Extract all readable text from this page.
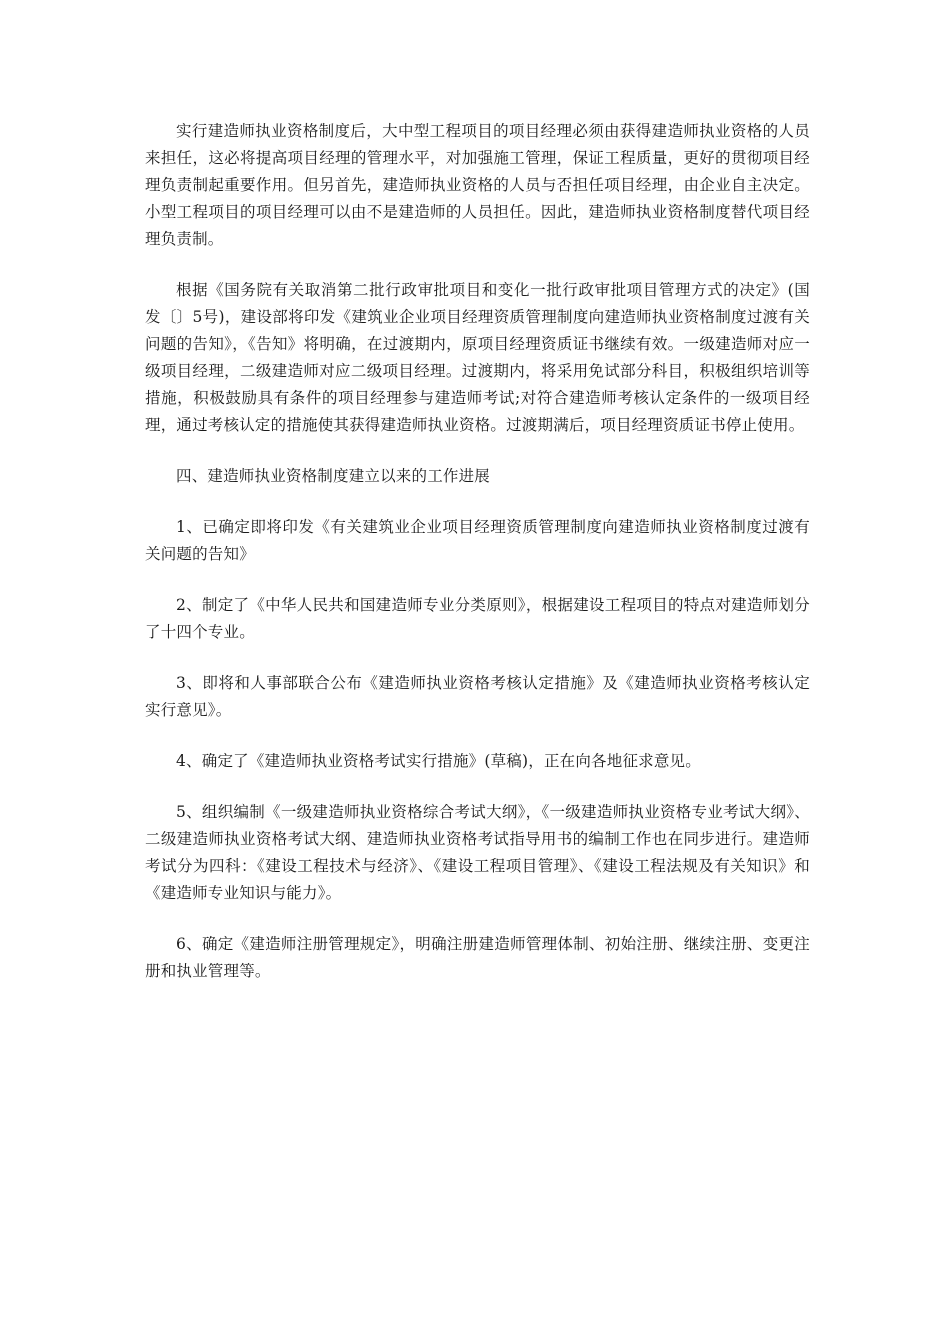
实行建造师执业资格制度后，大中型工程项目的项目经理必须由获得建造师执业资格的人员来担任，这必将提高项目经理的管理水平，对加强施工管理，保证工程质量，更好的贯彻项目经理负责制起重要作用。但另首先，建造师执业资格的人员与否担任项目经理，由企业自主决定。小型工程项目的项目经理可以由不是建造师的人员担任。因此，建造师执业资格制度替代项目经理负责制。

根据《国务院有关取消第二批行政审批项目和变化一批行政审批项目管理方式的决定》(国发〔〕5号)，建设部将印发《建筑业企业项目经理资质管理制度向建造师执业资格制度过渡有关问题的告知》，《告知》将明确，在过渡期内，原项目经理资质证书继续有效。一级建造师对应一级项目经理，二级建造师对应二级项目经理。过渡期内，将采用免试部分科目，积极组织培训等措施，积极鼓励具有条件的项目经理参与建造师考试;对符合建造师考核认定条件的一级项目经理，通过考核认定的措施使其获得建造师执业资格。过渡期满后，项目经理资质证书停止使用。

四、建造师执业资格制度建立以来的工作进展

1、已确定即将印发《有关建筑业企业项目经理资质管理制度向建造师执业资格制度过渡有关问题的告知》

2、制定了《中华人民共和国建造师专业分类原则》，根据建设工程项目的特点对建造师划分了十四个专业。

3、即将和人事部联合公布《建造师执业资格考核认定措施》及《建造师执业资格考核认定实行意见》。

4、确定了《建造师执业资格考试实行措施》(草稿)，正在向各地征求意见。

5、组织编制《一级建造师执业资格综合考试大纲》，《一级建造师执业资格专业考试大纲》、二级建造师执业资格考试大纲、建造师执业资格考试指导用书的编制工作也在同步进行。建造师考试分为四科：《建设工程技术与经济》、《建设工程项目管理》、《建设工程法规及有关知识》和《建造师专业知识与能力》。

6、确定《建造师注册管理规定》，明确注册建造师管理体制、初始注册、继续注册、变更注册和执业管理等。
